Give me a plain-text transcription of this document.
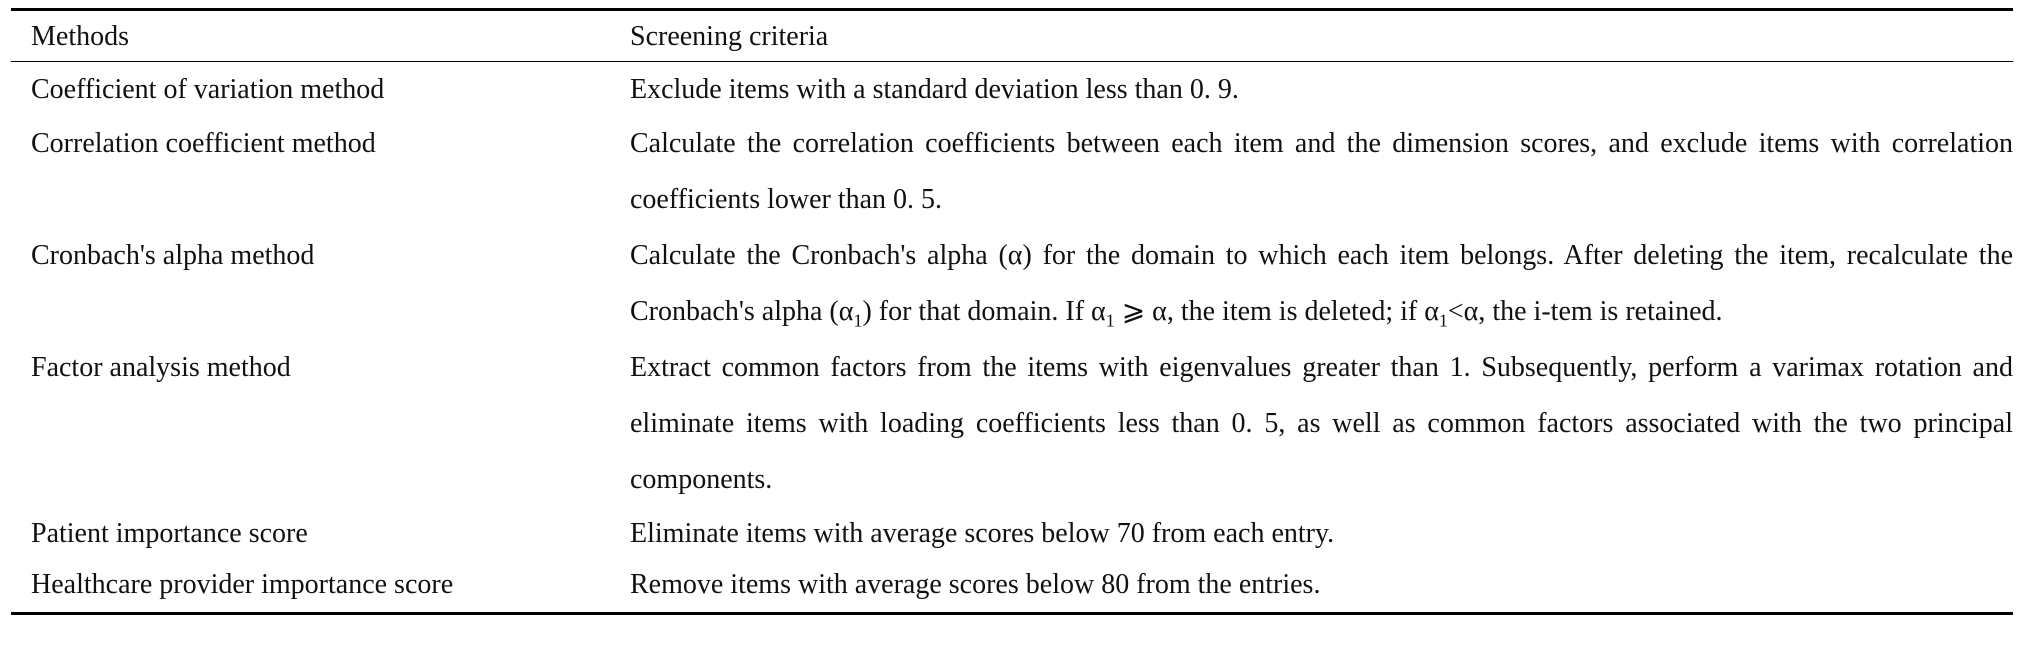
Methods	Screening criteria
Coefficient of variation method	Exclude items with a standard deviation less than 0. 9.
Correlation coefficient method	Calculate the correlation coefficients between each item and the dimension scores, and exclude items with correlation coefficients lower than 0. 5.
Cronbach's alpha method	Calculate the Cronbach's alpha (α) for the domain to which each item belongs. After deleting the item, recalculate the Cronbach's alpha $(\alpha_1)$ for that domain. If $\alpha_1$ ⩾ α, the item is deleted; if $\alpha_1<\alpha$, the i-tem is retained.
Factor analysis method	Extract common factors from the items with eigenvalues greater than 1. Subsequently, perform a varimax rotation and eliminate items with loading coefficients less than 0. 5, as well as common factors associated with the two principal components.
Patient importance score	Eliminate items with average scores below 70 from each entry.
Healthcare provider importance score	Remove items with average scores below 80 from the entries.
